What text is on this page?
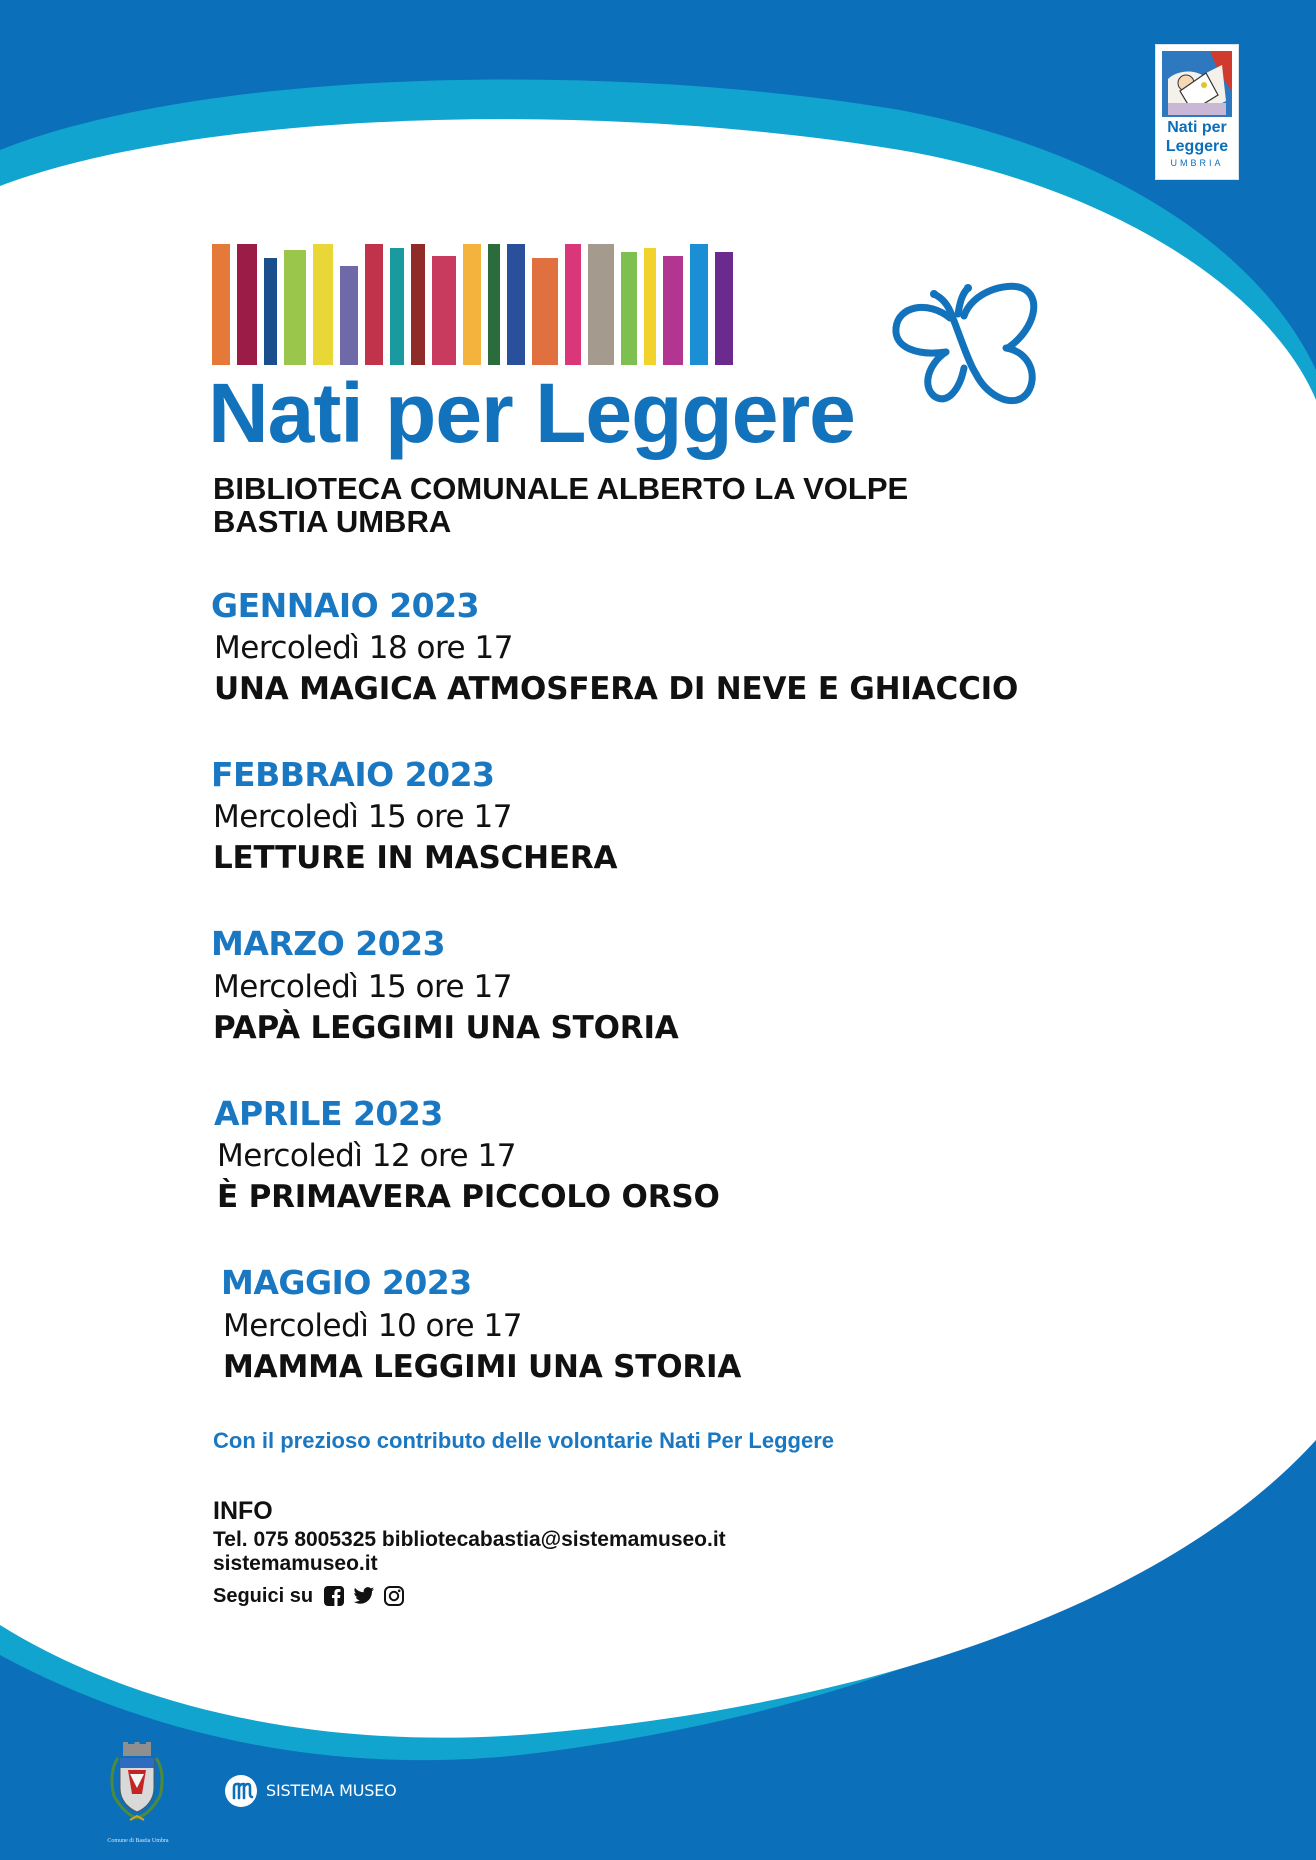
Nati per
Leggere
UMBRIA
Nati per Leggere
BIBLIOTECA COMUNALE ALBERTO LA VOLPE
BASTIA UMBRA
GENNAIO 2023
Mercoledì 18 ore 17
UNA MAGICA ATMOSFERA DI NEVE E GHIACCIO
FEBBRAIO 2023
Mercoledì 15 ore 17
LETTURE IN MASCHERA
MARZO 2023
Mercoledì 15 ore 17
PAPÀ LEGGIMI UNA STORIA
APRILE 2023
Mercoledì 12 ore 17
È PRIMAVERA PICCOLO ORSO
MAGGIO 2023
Mercoledì 10 ore 17
MAMMA LEGGIMI UNA STORIA
Con il prezioso contributo delle volontarie Nati Per Leggere
INFO
Tel. 075 8005325 bibliotecabastia@sistemamuseo.it
sistemamuseo.it
Seguici su
Comune di Bastia Umbra
SISTEMA MUSEO
